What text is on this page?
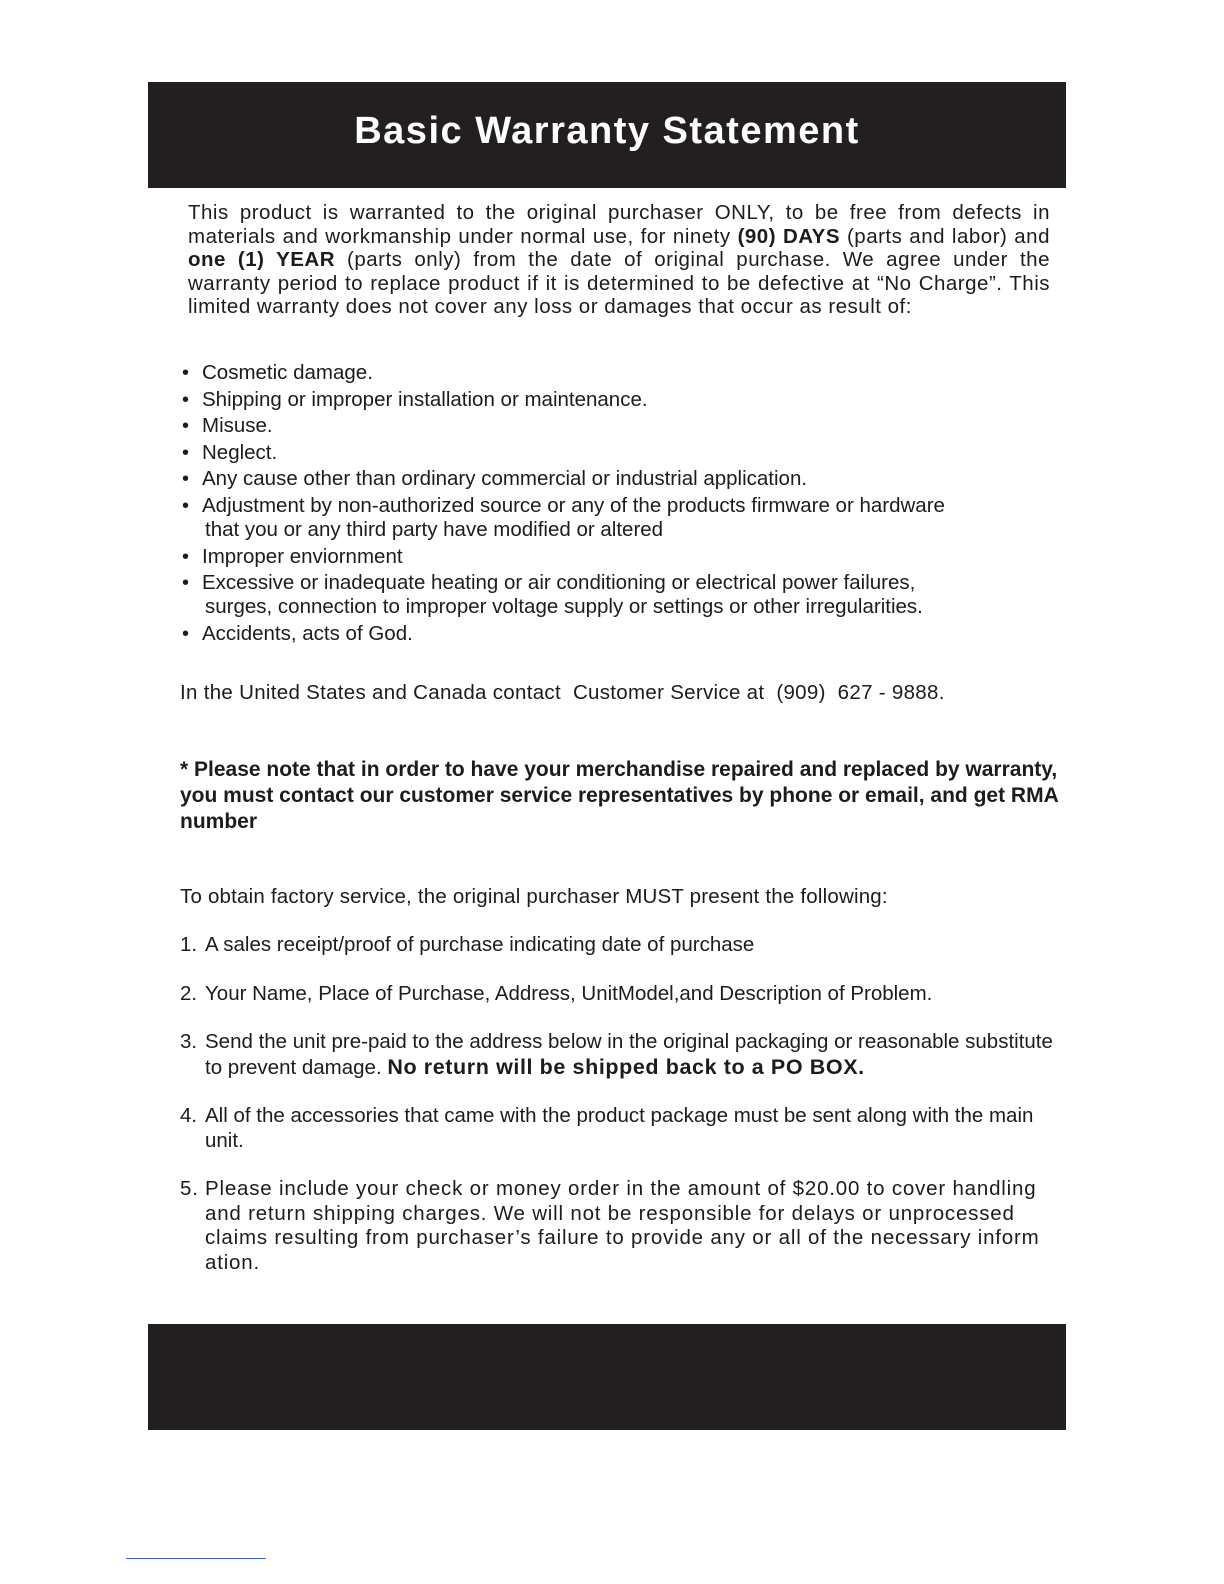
Basic Warranty Statement

This product is warranted to the original purchaser ONLY, to be free from defects in materials and workmanship under normal use, for ninety (90) DAYS (parts and labor) and one (1) YEAR (parts only) from the date of original purchase. We agree under the warranty period to replace product if it is determined to be defective at “No Charge”. This limited warranty does not cover any loss or damages that occur as result of:

• Cosmetic damage.
• Shipping or improper installation or maintenance.
• Misuse.
• Neglect.
• Any cause other than ordinary commercial or industrial application.
• Adjustment by non-authorized source or any of the products firmware or hardware
that you or any third party have modified or altered
• Improper enviornment
• Excessive or inadequate heating or air conditioning or electrical power failures,
surges, connection to improper voltage supply or settings or other irregularities.
• Accidents, acts of God.
In the United States and Canada contact  Customer Service at  (909)  627 - 9888.
* Please note that in order to have your merchandise repaired and replaced by warranty, you must contact our customer service representatives by phone or email, and get RMA number
To obtain factory service, the original purchaser MUST present the following:
1. A sales receipt/proof of purchase indicating date of purchase
2. Your Name, Place of Purchase, Address, UnitModel,and Description of Problem.
3. Send the unit pre-paid to the address below in the original packaging or reasonable substitute to prevent damage. No return will be shipped back to a PO BOX.
4. All of the accessories that came with the product package must be sent along with the main unit.
5. Please include your check or money order in the amount of $20.00 to cover handling and return shipping charges. We will not be responsible for delays or unprocessed claims resulting from purchaser’s failure to provide any or all of the necessary inform ation.
